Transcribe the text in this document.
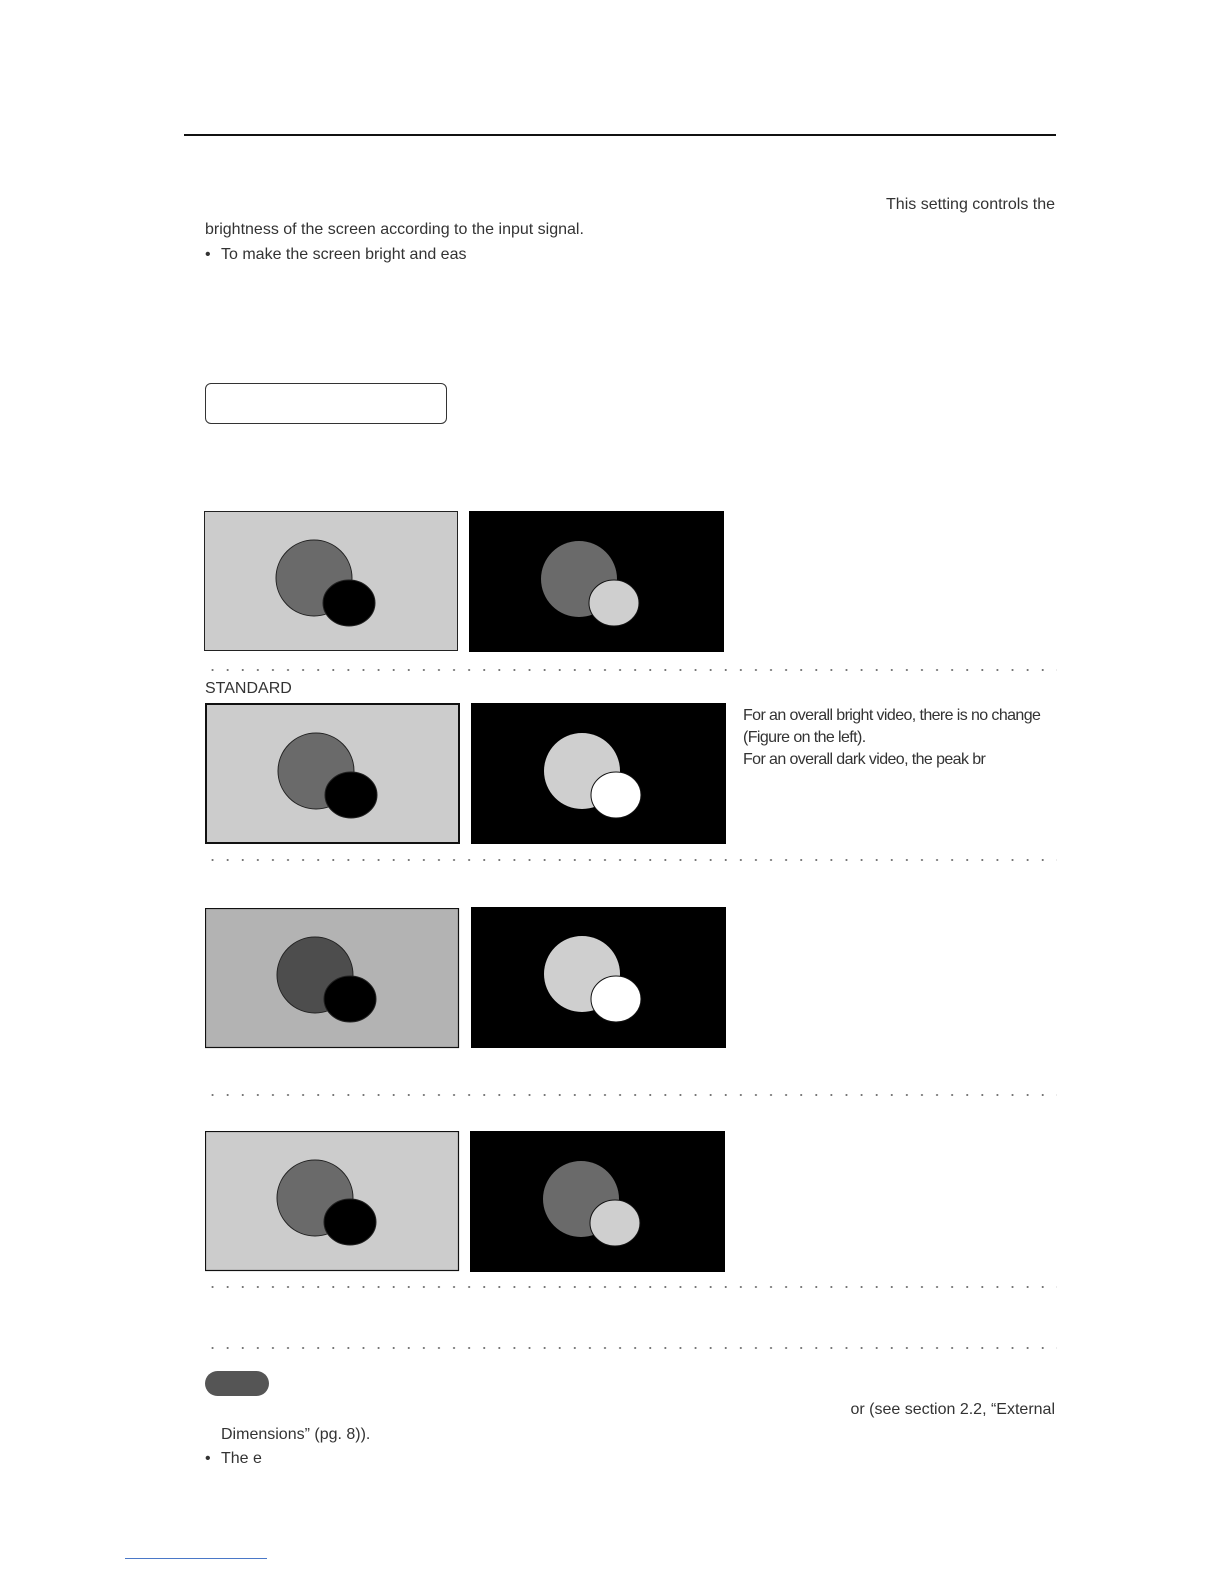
This setting controls the
brightness of the screen according to the input signal.
• To make the screen bright and eas
STANDARD
For an overall bright video, there is no change
(Figure on the left).
For an overall dark video, the peak br
or (see section 2.2, “External
Dimensions” (pg. 8)).
• The e
